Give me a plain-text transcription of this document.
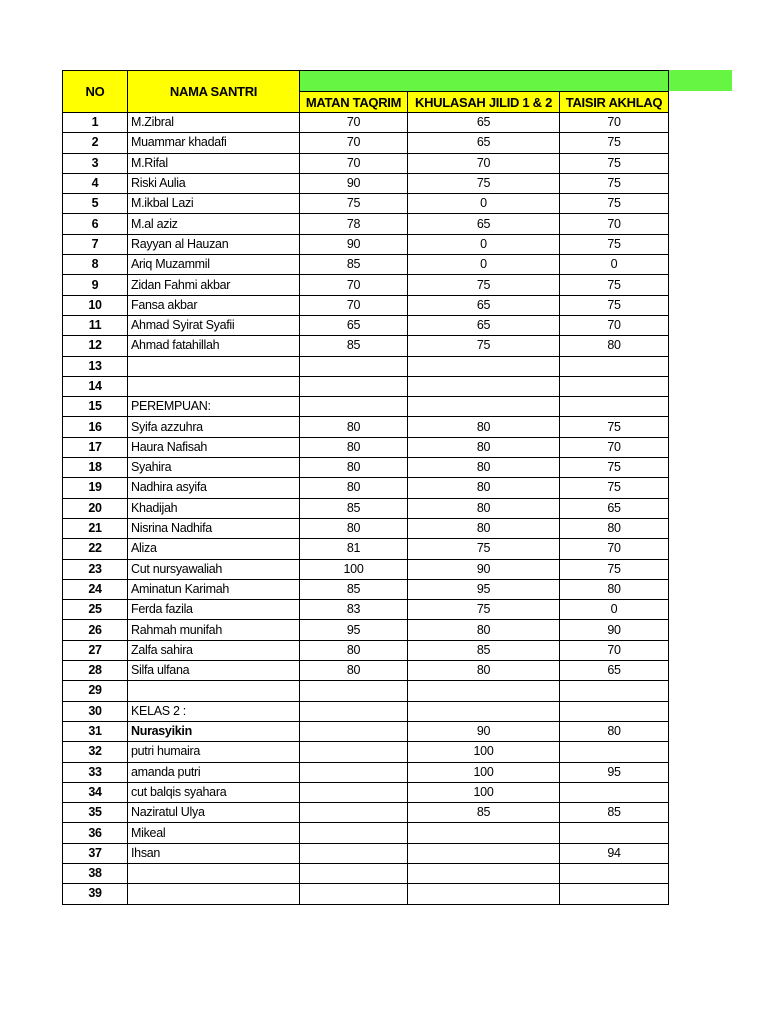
NO	NAMA SANTRI			
		MATAN TAQRIM	KHULASAH JILID 1 & 2	TAISIR AKHLAQ
1	M.Zibral	70	65	70
2	Muammar khadafi	70	65	75
3	M.Rifal	70	70	75
4	Riski Aulia	90	75	75
5	M.ikbal Lazi	75	0	75
6	M.al aziz	78	65	70
7	Rayyan al Hauzan	90	0	75
8	Ariq Muzammil	85	0	0
9	Zidan Fahmi akbar	70	75	75
10	Fansa akbar	70	65	75
11	Ahmad Syirat Syafii	65	65	70
12	Ahmad fatahillah	85	75	80
13				
14				
15	PEREMPUAN:			
16	Syifa azzuhra	80	80	75
17	Haura Nafisah	80	80	70
18	Syahira	80	80	75
19	Nadhira asyifa	80	80	75
20	Khadijah	85	80	65
21	Nisrina Nadhifa	80	80	80
22	Aliza	81	75	70
23	Cut nursyawaliah	100	90	75
24	Aminatun Karimah	85	95	80
25	Ferda fazila	83	75	0
26	Rahmah munifah	95	80	90
27	Zalfa sahira	80	85	70
28	Silfa ulfana	80	80	65
29				
30	KELAS 2 :			
31	Nurasyikin		90	80
32	putri humaira		100	
33	amanda putri		100	95
34	cut balqis syahara		100	
35	Naziratul Ulya		85	85
36	Mikeal			
37	Ihsan			94
38				
39				
